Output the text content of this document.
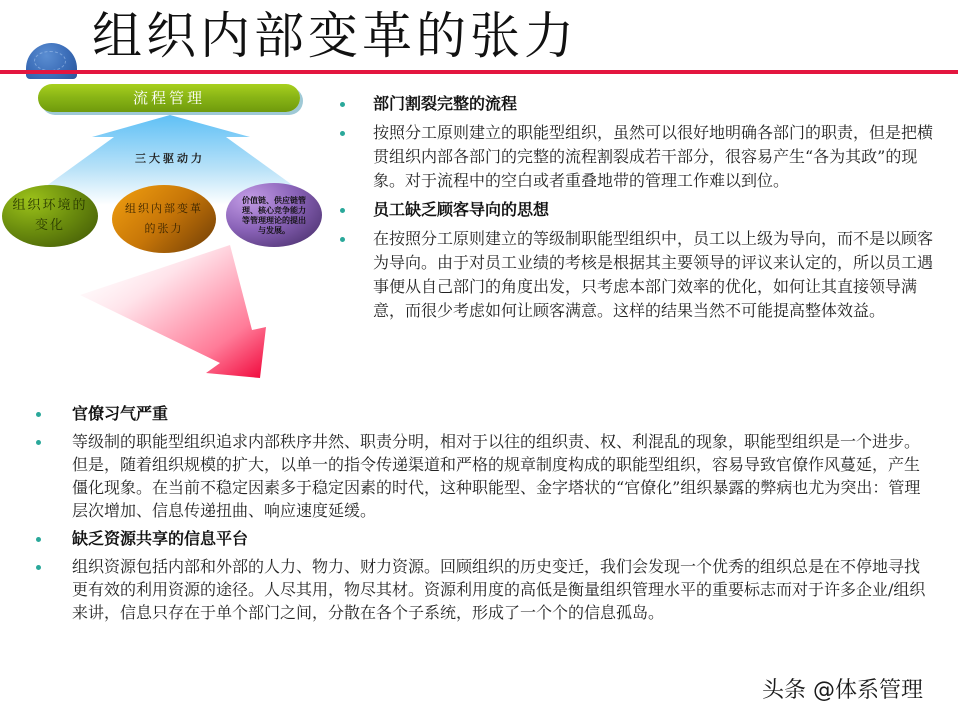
组织内部变革的张力
流程管理
三大驱动力
组织环境的变化
组织内部变革的张力
价值链、供应链管理、核心竞争能力等管理理论的提出与发展。
部门割裂完整的流程
按照分工原则建立的职能型组织，虽然可以很好地明确各部门的职责，但是把横贯组织内部各部门的完整的流程割裂成若干部分，很容易产生“各为其政”的现象。对于流程中的空白或者重叠地带的管理工作难以到位。
员工缺乏顾客导向的思想
在按照分工原则建立的等级制职能型组织中，员工以上级为导向，而不是以顾客为导向。由于对员工业绩的考核是根据其主要领导的评议来认定的，所以员工遇事便从自己部门的角度出发，只考虑本部门效率的优化，如何让其直接领导满意，而很少考虑如何让顾客满意。这样的结果当然不可能提高整体效益。
官僚习气严重
等级制的职能型组织追求内部秩序井然、职责分明，相对于以往的组织责、权、利混乱的现象，职能型组织是一个进步。但是，随着组织规模的扩大，以单一的指令传递渠道和严格的规章制度构成的职能型组织，容易导致官僚作风蔓延，产生僵化现象。在当前不稳定因素多于稳定因素的时代，这种职能型、金字塔状的“官僚化”组织暴露的弊病也尤为突出：管理层次增加、信息传递扭曲、响应速度延缓。
缺乏资源共享的信息平台
组织资源包括内部和外部的人力、物力、财力资源。回顾组织的历史变迁，我们会发现一个优秀的组织总是在不停地寻找更有效的利用资源的途径。人尽其用，物尽其材。资源利用度的高低是衡量组织管理水平的重要标志而对于许多企业/组织来讲，信息只存在于单个部门之间，分散在各个子系统，形成了一个个的信息孤岛。
头条 @体系管理
